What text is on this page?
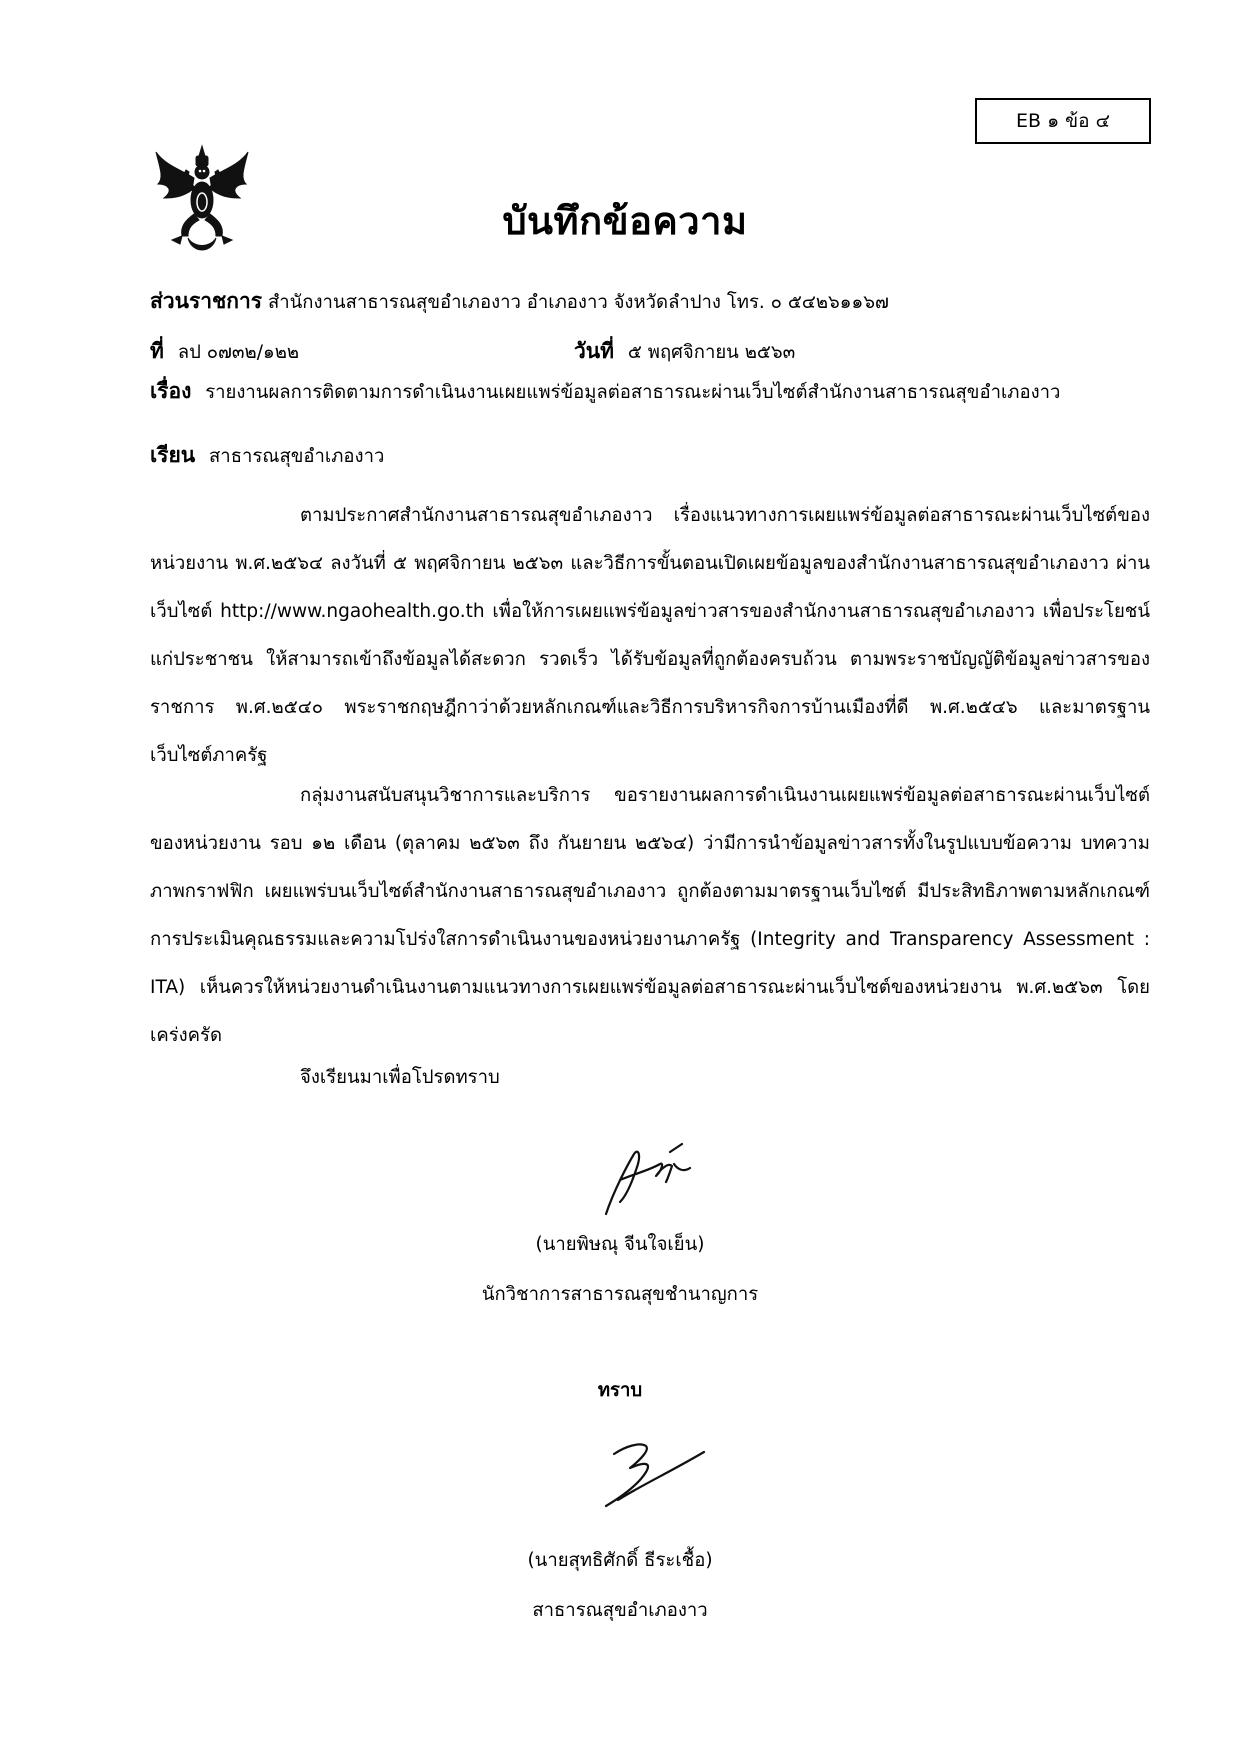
EB ๑ ข้อ ๔
บันทึกข้อความ
ส่วนราชการ สำนักงานสาธารณสุขอำเภองาว อำเภองาว จังหวัดลำปาง โทร. ๐ ๕๔๒๖๑๑๖๗
ที่ ลป ๐๗๓๒/๑๒๒	วันที่ ๕ พฤศจิกายน ๒๕๖๓
เรื่อง รายงานผลการติดตามการดำเนินงานเผยแพร่ข้อมูลต่อสาธารณะผ่านเว็บไซต์สำนักงานสาธารณสุขอำเภองาว
เรียน สาธารณสุขอำเภองาว
ตามประกาศสำนักงานสาธารณสุขอำเภองาว เรื่องแนวทางการเผยแพร่ข้อมูลต่อสาธารณะผ่านเว็บไซต์ของหน่วยงาน พ.ศ.๒๕๖๔ ลงวันที่ ๕ พฤศจิกายน ๒๕๖๓ และวิธีการขั้นตอนเปิดเผยข้อมูลของสำนักงานสาธารณสุขอำเภองาว ผ่านเว็บไซต์ http://www.ngaohealth.go.th เพื่อให้การเผยแพร่ข้อมูลข่าวสารของสำนักงานสาธารณสุขอำเภองาว เพื่อประโยชน์แก่ประชาชน ให้สามารถเข้าถึงข้อมูลได้สะดวก รวดเร็ว ได้รับข้อมูลที่ถูกต้องครบถ้วน ตามพระราชบัญญัติข้อมูลข่าวสารของราชการ พ.ศ.๒๕๔๐ พระราชกฤษฎีกาว่าด้วยหลักเกณฑ์และวิธีการบริหารกิจการบ้านเมืองที่ดี พ.ศ.๒๕๔๖ และมาตรฐานเว็บไซต์ภาครัฐ
กลุ่มงานสนับสนุนวิชาการและบริการ ขอรายงานผลการดำเนินงานเผยแพร่ข้อมูลต่อสาธารณะผ่านเว็บไซต์ของหน่วยงาน รอบ ๑๒ เดือน (ตุลาคม ๒๕๖๓ ถึง กันยายน ๒๕๖๔) ว่ามีการนำข้อมูลข่าวสารทั้งในรูปแบบข้อความ บทความ ภาพกราฟฟิก เผยแพร่บนเว็บไซต์สำนักงานสาธารณสุขอำเภองาว ถูกต้องตามมาตรฐานเว็บไซต์ มีประสิทธิภาพตามหลักเกณฑ์การประเมินคุณธรรมและความโปร่งใสการดำเนินงานของหน่วยงานภาครัฐ (Integrity and Transparency Assessment : ITA) เห็นควรให้หน่วยงานดำเนินงานตามแนวทางการเผยแพร่ข้อมูลต่อสาธารณะผ่านเว็บไซต์ของหน่วยงาน พ.ศ.๒๕๖๓ โดยเคร่งครัด
จึงเรียนมาเพื่อโปรดทราบ
(นายพิษณุ จีนใจเย็น)
นักวิชาการสาธารณสุขชำนาญการ
ทราบ
(นายสุทธิศักดิ์ ธีระเชื้อ)
สาธารณสุขอำเภองาว
